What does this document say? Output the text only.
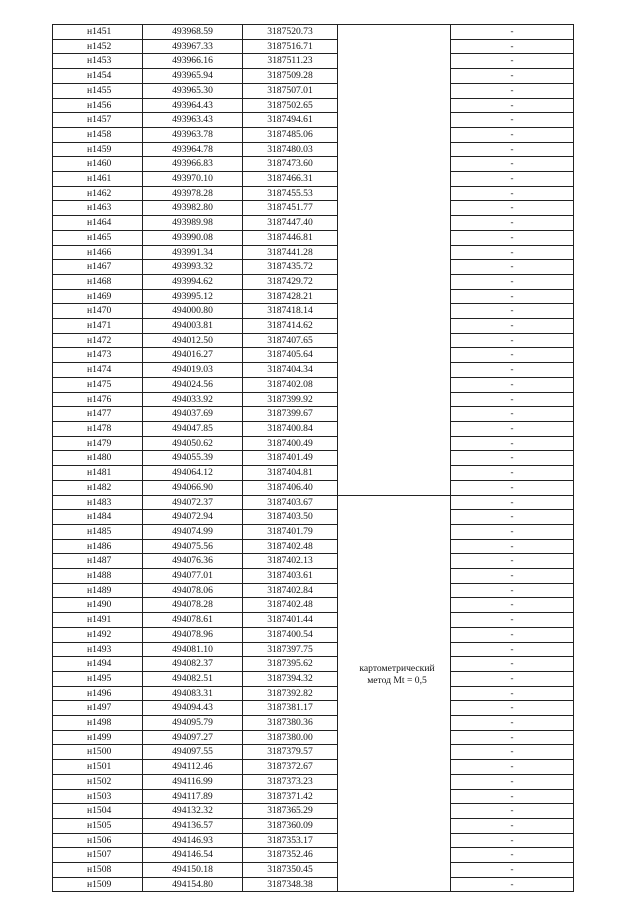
н1451	493968.59	3187520.73		-
н1452	493967.33	3187516.71		-
н1453	493966.16	3187511.23		-
н1454	493965.94	3187509.28		-
н1455	493965.30	3187507.01		-
н1456	493964.43	3187502.65		-
н1457	493963.43	3187494.61		-
н1458	493963.78	3187485.06		-
н1459	493964.78	3187480.03		-
н1460	493966.83	3187473.60		-
н1461	493970.10	3187466.31		-
н1462	493978.28	3187455.53		-
н1463	493982.80	3187451.77		-
н1464	493989.98	3187447.40		-
н1465	493990.08	3187446.81		-
н1466	493991.34	3187441.28		-
н1467	493993.32	3187435.72		-
н1468	493994.62	3187429.72		-
н1469	493995.12	3187428.21		-
н1470	494000.80	3187418.14		-
н1471	494003.81	3187414.62		-
н1472	494012.50	3187407.65		-
н1473	494016.27	3187405.64		-
н1474	494019.03	3187404.34		-
н1475	494024.56	3187402.08		-
н1476	494033.92	3187399.92		-
н1477	494037.69	3187399.67		-
н1478	494047.85	3187400.84		-
н1479	494050.62	3187400.49		-
н1480	494055.39	3187401.49		-
н1481	494064.12	3187404.81		-
н1482	494066.90	3187406.40		-
н1483	494072.37	3187403.67		-
н1484	494072.94	3187403.50		-
н1485	494074.99	3187401.79		-
н1486	494075.56	3187402.48		-
н1487	494076.36	3187402.13		-
н1488	494077.01	3187403.61		-
н1489	494078.06	3187402.84		-
н1490	494078.28	3187402.48		-
н1491	494078.61	3187401.44		-
н1492	494078.96	3187400.54		-
н1493	494081.10	3187397.75		-
н1494	494082.37	3187395.62		-
н1495	494082.51	3187394.32		-
н1496	494083.31	3187392.82		-
н1497	494094.43	3187381.17		-
н1498	494095.79	3187380.36		-
н1499	494097.27	3187380.00		-
н1500	494097.55	3187379.57		-
н1501	494112.46	3187372.67		-
н1502	494116.99	3187373.23		-
н1503	494117.89	3187371.42		-
н1504	494132.32	3187365.29		-
н1505	494136.57	3187360.09		-
н1506	494146.93	3187353.17		-
н1507	494146.54	3187352.46		-
н1508	494150.18	3187350.45		-
н1509	494154.80	3187348.38		-
картометрический
метод Mt = 0,5
